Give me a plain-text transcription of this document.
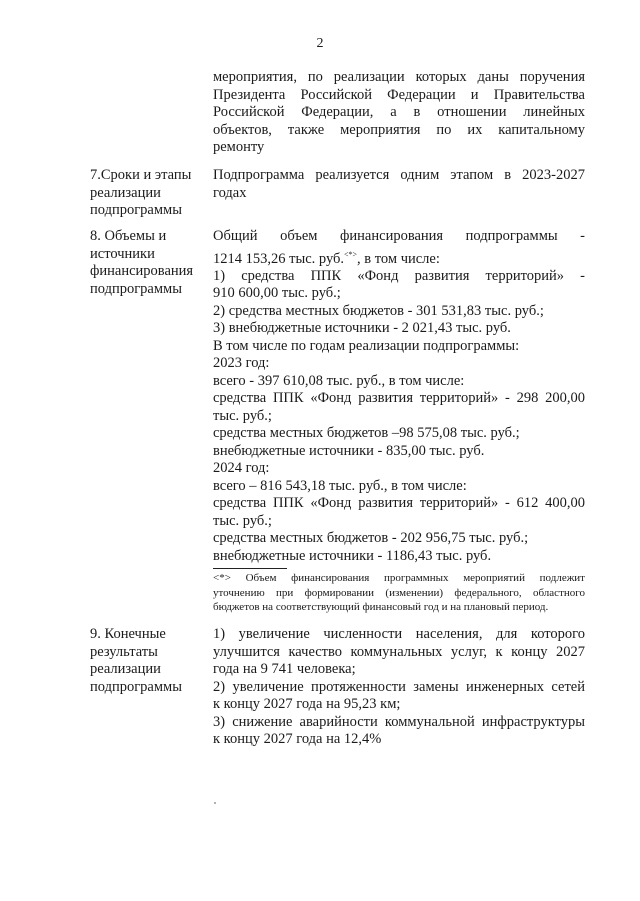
2
мероприятия, по реализации которых даны поручения
Президента Российской Федерации и Правительства
Российской Федерации, а в отношении линейных
объектов, также мероприятия по их капитальному
ремонту
7.Сроки и этапы
реализации
подпрограммы
Подпрограмма реализуется одним этапом в 2023-2027
годах
8. Объемы и
источники
финансирования
подпрограммы
Общий объем финансирования подпрограммы -
1214 153,26 тыс. руб.<*>, в том числе:
1) средства ППК «Фонд развития территорий» -
910 600,00 тыс. руб.;
2) средства местных бюджетов - 301 531,83 тыс. руб.;
3) внебюджетные источники - 2 021,43 тыс. руб.
В том числе по годам реализации подпрограммы:
2023 год:
всего - 397 610,08 тыс. руб., в том числе:
средства ППК «Фонд развития территорий» - 298 200,00
тыс. руб.;
средства местных бюджетов –98 575,08 тыс. руб.;
внебюджетные источники - 835,00 тыс. руб.
2024 год:
всего – 816 543,18 тыс. руб., в том числе:
средства ППК «Фонд развития территорий» - 612 400,00
тыс. руб.;
средства местных бюджетов - 202 956,75 тыс. руб.;
внебюджетные источники - 1186,43 тыс. руб.
<*> Объем финансирования программных мероприятий подлежит
уточнению при формировании (изменении) федерального, областного
бюджетов на соответствующий финансовый год и на плановый период.
9. Конечные
результаты
реализации
подпрограммы
1) увеличение численности населения, для которого
улучшится качество коммунальных услуг, к концу 2027
года на 9 741 человека;
2) увеличение протяженности замены инженерных сетей
к концу 2027 года на 95,23 км;
3) снижение аварийности коммунальной инфраструктуры
к концу 2027 года на 12,4%
